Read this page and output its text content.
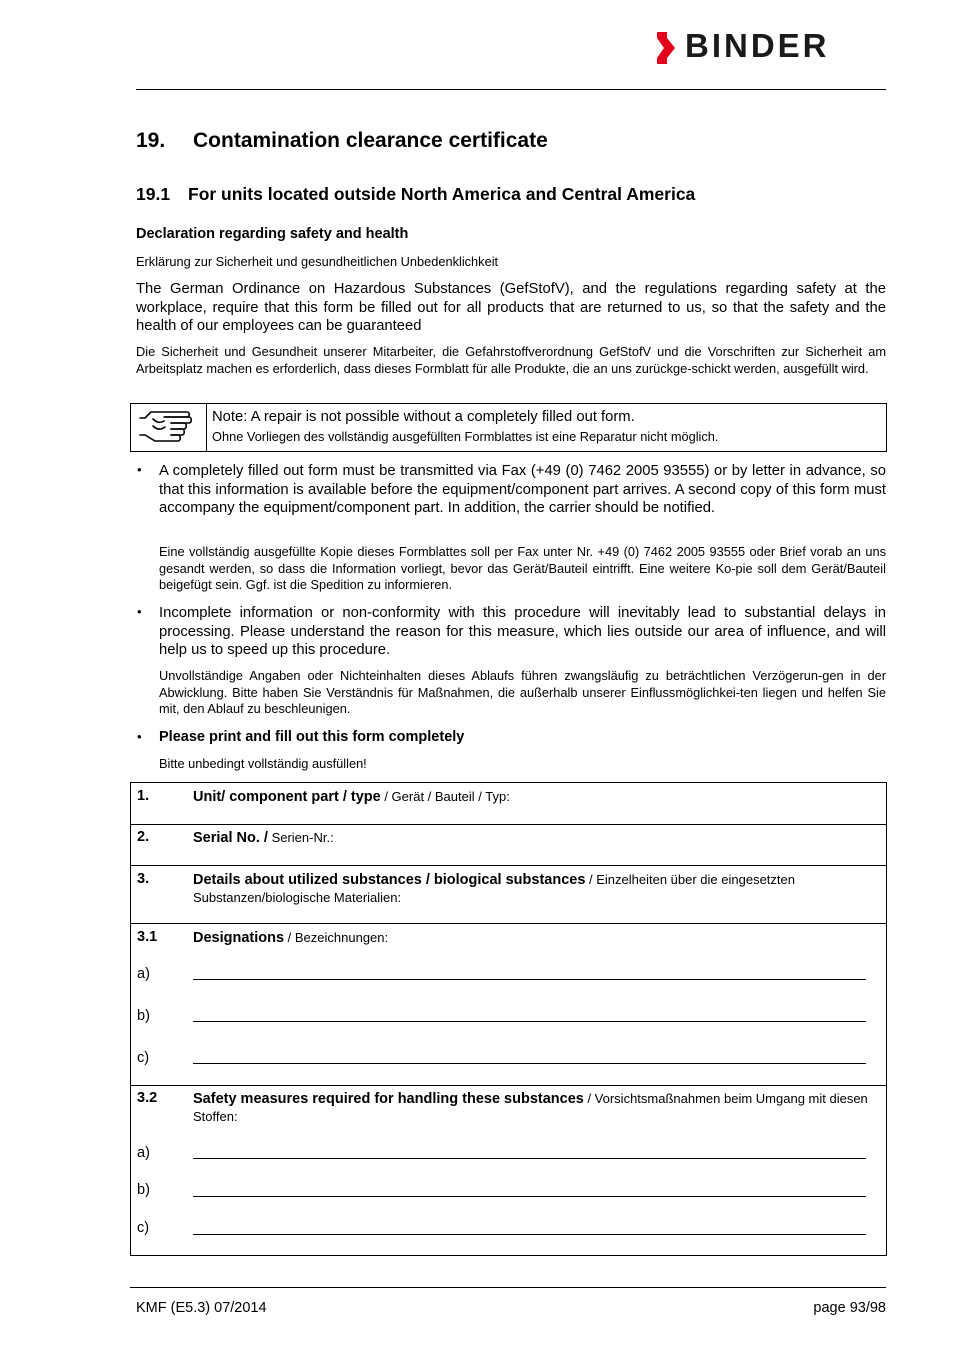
BINDER
19. Contamination clearance certificate
19.1 For units located outside North America and Central America
Declaration regarding safety and health
Erklärung zur Sicherheit und gesundheitlichen Unbedenklichkeit
The German Ordinance on Hazardous Substances (GefStofV), and the regulations regarding safety at the workplace, require that this form be filled out for all products that are returned to us, so that the safety and the health of our employees can be guaranteed
Die Sicherheit und Gesundheit unserer Mitarbeiter, die Gefahrstoffverordnung GefStofV und die Vorschriften zur Sicherheit am Arbeitsplatz machen es erforderlich, dass dieses Formblatt für alle Produkte, die an uns zurückge-schickt werden, ausgefüllt wird.
Note: A repair is not possible without a completely filled out form.
Ohne Vorliegen des vollständig ausgefüllten Formblattes ist eine Reparatur nicht möglich.
• A completely filled out form must be transmitted via Fax (+49 (0) 7462 2005 93555) or by letter in advance, so that this information is available before the equipment/component part arrives. A second copy of this form must accompany the equipment/component part. In addition, the carrier should be notified.
Eine vollständig ausgefüllte Kopie dieses Formblattes soll per Fax unter Nr. +49 (0) 7462 2005 93555 oder Brief vorab an uns gesandt werden, so dass die Information vorliegt, bevor das Gerät/Bauteil eintrifft. Eine weitere Ko-pie soll dem Gerät/Bauteil beigefügt sein. Ggf. ist die Spedition zu informieren.
• Incomplete information or non-conformity with this procedure will inevitably lead to substantial delays in processing. Please understand the reason for this measure, which lies outside our area of influence, and will help us to speed up this procedure.
Unvollständige Angaben oder Nichteinhalten dieses Ablaufs führen zwangsläufig zu beträchtlichen Verzögerun-gen in der Abwicklung. Bitte haben Sie Verständnis für Maßnahmen, die außerhalb unserer Einflussmöglichkei-ten liegen und helfen Sie mit, den Ablauf zu beschleunigen.
• Please print and fill out this form completely
Bitte unbedingt vollständig ausfüllen!
1.	Unit/ component part / type / Gerät / Bauteil / Typ:
2.	Serial No. / Serien-Nr.:
3.	Details about utilized substances / biological substances / Einzelheiten über die eingesetzten Substanzen/biologische Materialien:
3.1 Designations / Bezeichnungen:
a)
b)
c)
3.2 Safety measures required for handling these substances / Vorsichtsmaßnahmen beim Umgang mit diesen Stoffen:
a)
b)
c)
KMF (E5.3) 07/2014	page 93/98
